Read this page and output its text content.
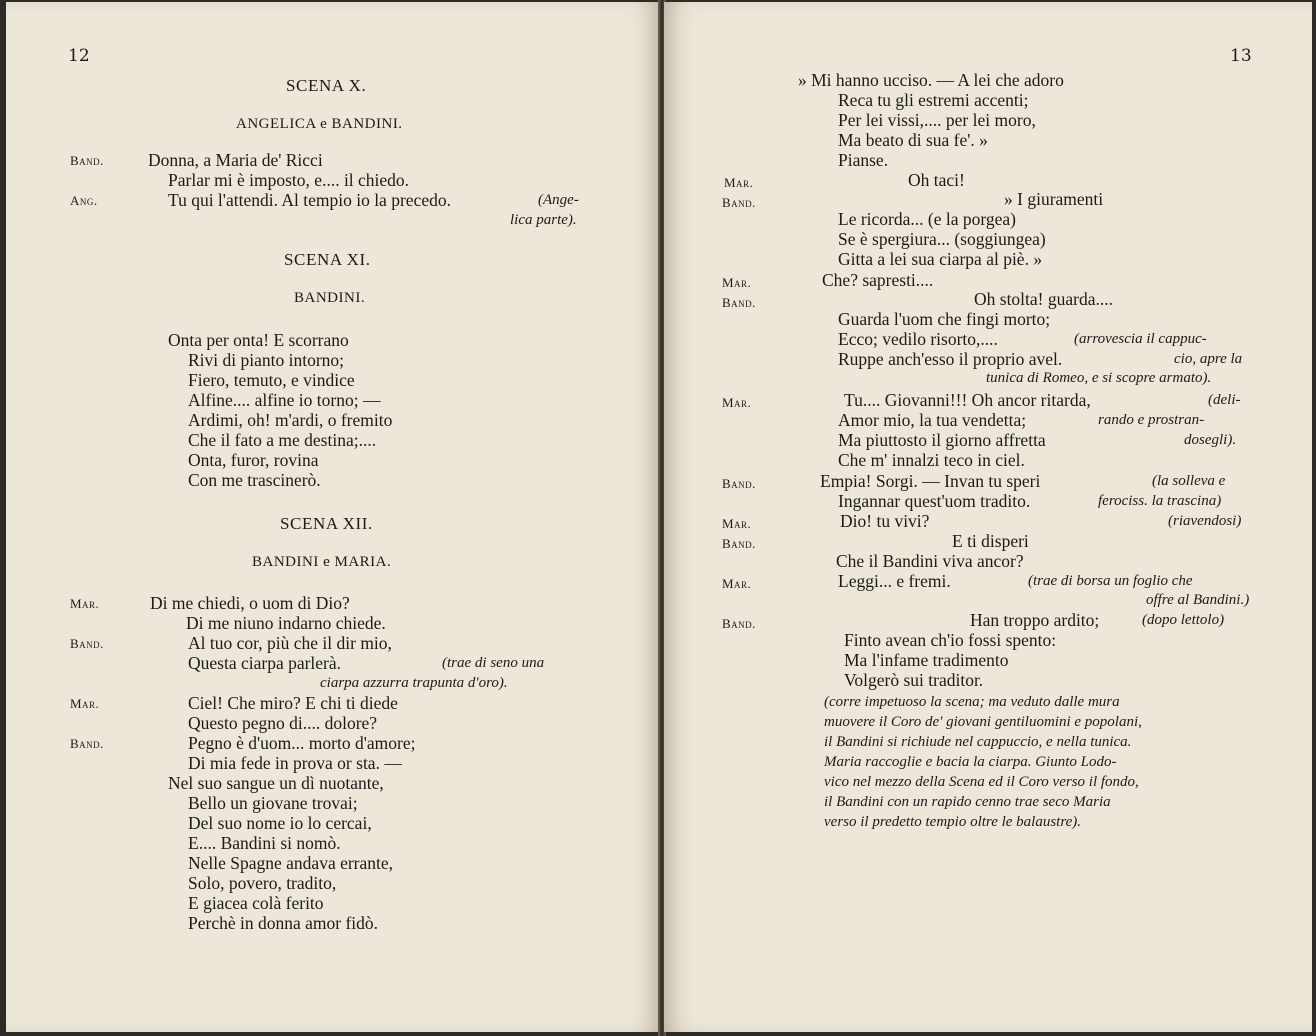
12
SCENA X.
ANGELICA e BANDINI.
Band.	Donna, a Maria de' Ricci
Parlar mi è imposto, e.... il chiedo.
Ang.	Tu qui l'attendi. Al tempio io la precedo.	(Ange-
lica parte).
SCENA XI.
BANDINI.
Onta per onta! E scorrano
Rivi di pianto intorno;
Fiero, temuto, e vindice
Alfine.... alfine io torno; —
Ardimi, oh! m'ardi, o fremito
Che il fato a me destina;....
Onta, furor, rovina
Con me trascinerò.
SCENA XII.
BANDINI e MARIA.
Mar.	Di me chiedi, o uom di Dio?
Di me niuno indarno chiede.
Band.	Al tuo cor, più che il dir mio,
Questa ciarpa parlerà.	(trae di seno una
ciarpa azzurra trapunta d'oro).
Mar.	Ciel! Che miro? E chi ti diede
Questo pegno di.... dolore?
Band.	Pegno è d'uom... morto d'amore;
Di mia fede in prova or sta. —
Nel suo sangue un dì nuotante,
Bello un giovane trovai;
Del suo nome io lo cercai,
E.... Bandini si nomò.
Nelle Spagne andava errante,
Solo, povero, tradito,
E giacea colà ferito
Perchè in donna amor fidò.
13
» Mi hanno ucciso. — A lei che adoro
Reca tu gli estremi accenti;
Per lei vissi,.... per lei moro,
Ma beato di sua fe'. »
Pianse.
Mar.	Oh taci!
Band.	» I giuramenti
Le ricorda... (e la porgea)
Se è spergiura... (soggiungea)
Gitta a lei sua ciarpa al piè. »
Mar.	Che? sapresti....
Band.	Oh stolta! guarda....
Guarda l'uom che fingi morto;
Ecco; vedilo risorto,....	(arrovescia il cappuc-
Ruppe anch'esso il proprio avel.	cio, apre la
tunica di Romeo, e si scopre armato).
Mar.	Tu.... Giovanni!!! Oh ancor ritarda,	(deli-
Amor mio, la tua vendetta;	rando e prostran-
Ma piuttosto il giorno affretta	dosegli).
Che m' innalzi teco in ciel.
Band.	Empia! Sorgi. — Invan tu speri	(la solleva e
Ingannar quest'uom tradito.	ferociss. la trascina)
Mar.	Dio! tu vivi?	(riavendosi)
Band.	E ti disperi
Che il Bandini viva ancor?
Mar.	Leggi... e fremi.	(trae di borsa un foglio che
offre al Bandini.)
Band.	Han troppo ardito;	(dopo lettolo)
Finto avean ch'io fossi spento:
Ma l'infame tradimento
Volgerò sui traditor.
(corre impetuoso la scena; ma veduto dalle mura
muovere il Coro de' giovani gentiluomini e popolani,
il Bandini si richiude nel cappuccio, e nella tunica.
Maria raccoglie e bacia la ciarpa. Giunto Lodo-
vico nel mezzo della Scena ed il Coro verso il fondo,
il Bandini con un rapido cenno trae seco Maria
verso il predetto tempio oltre le balaustre).
